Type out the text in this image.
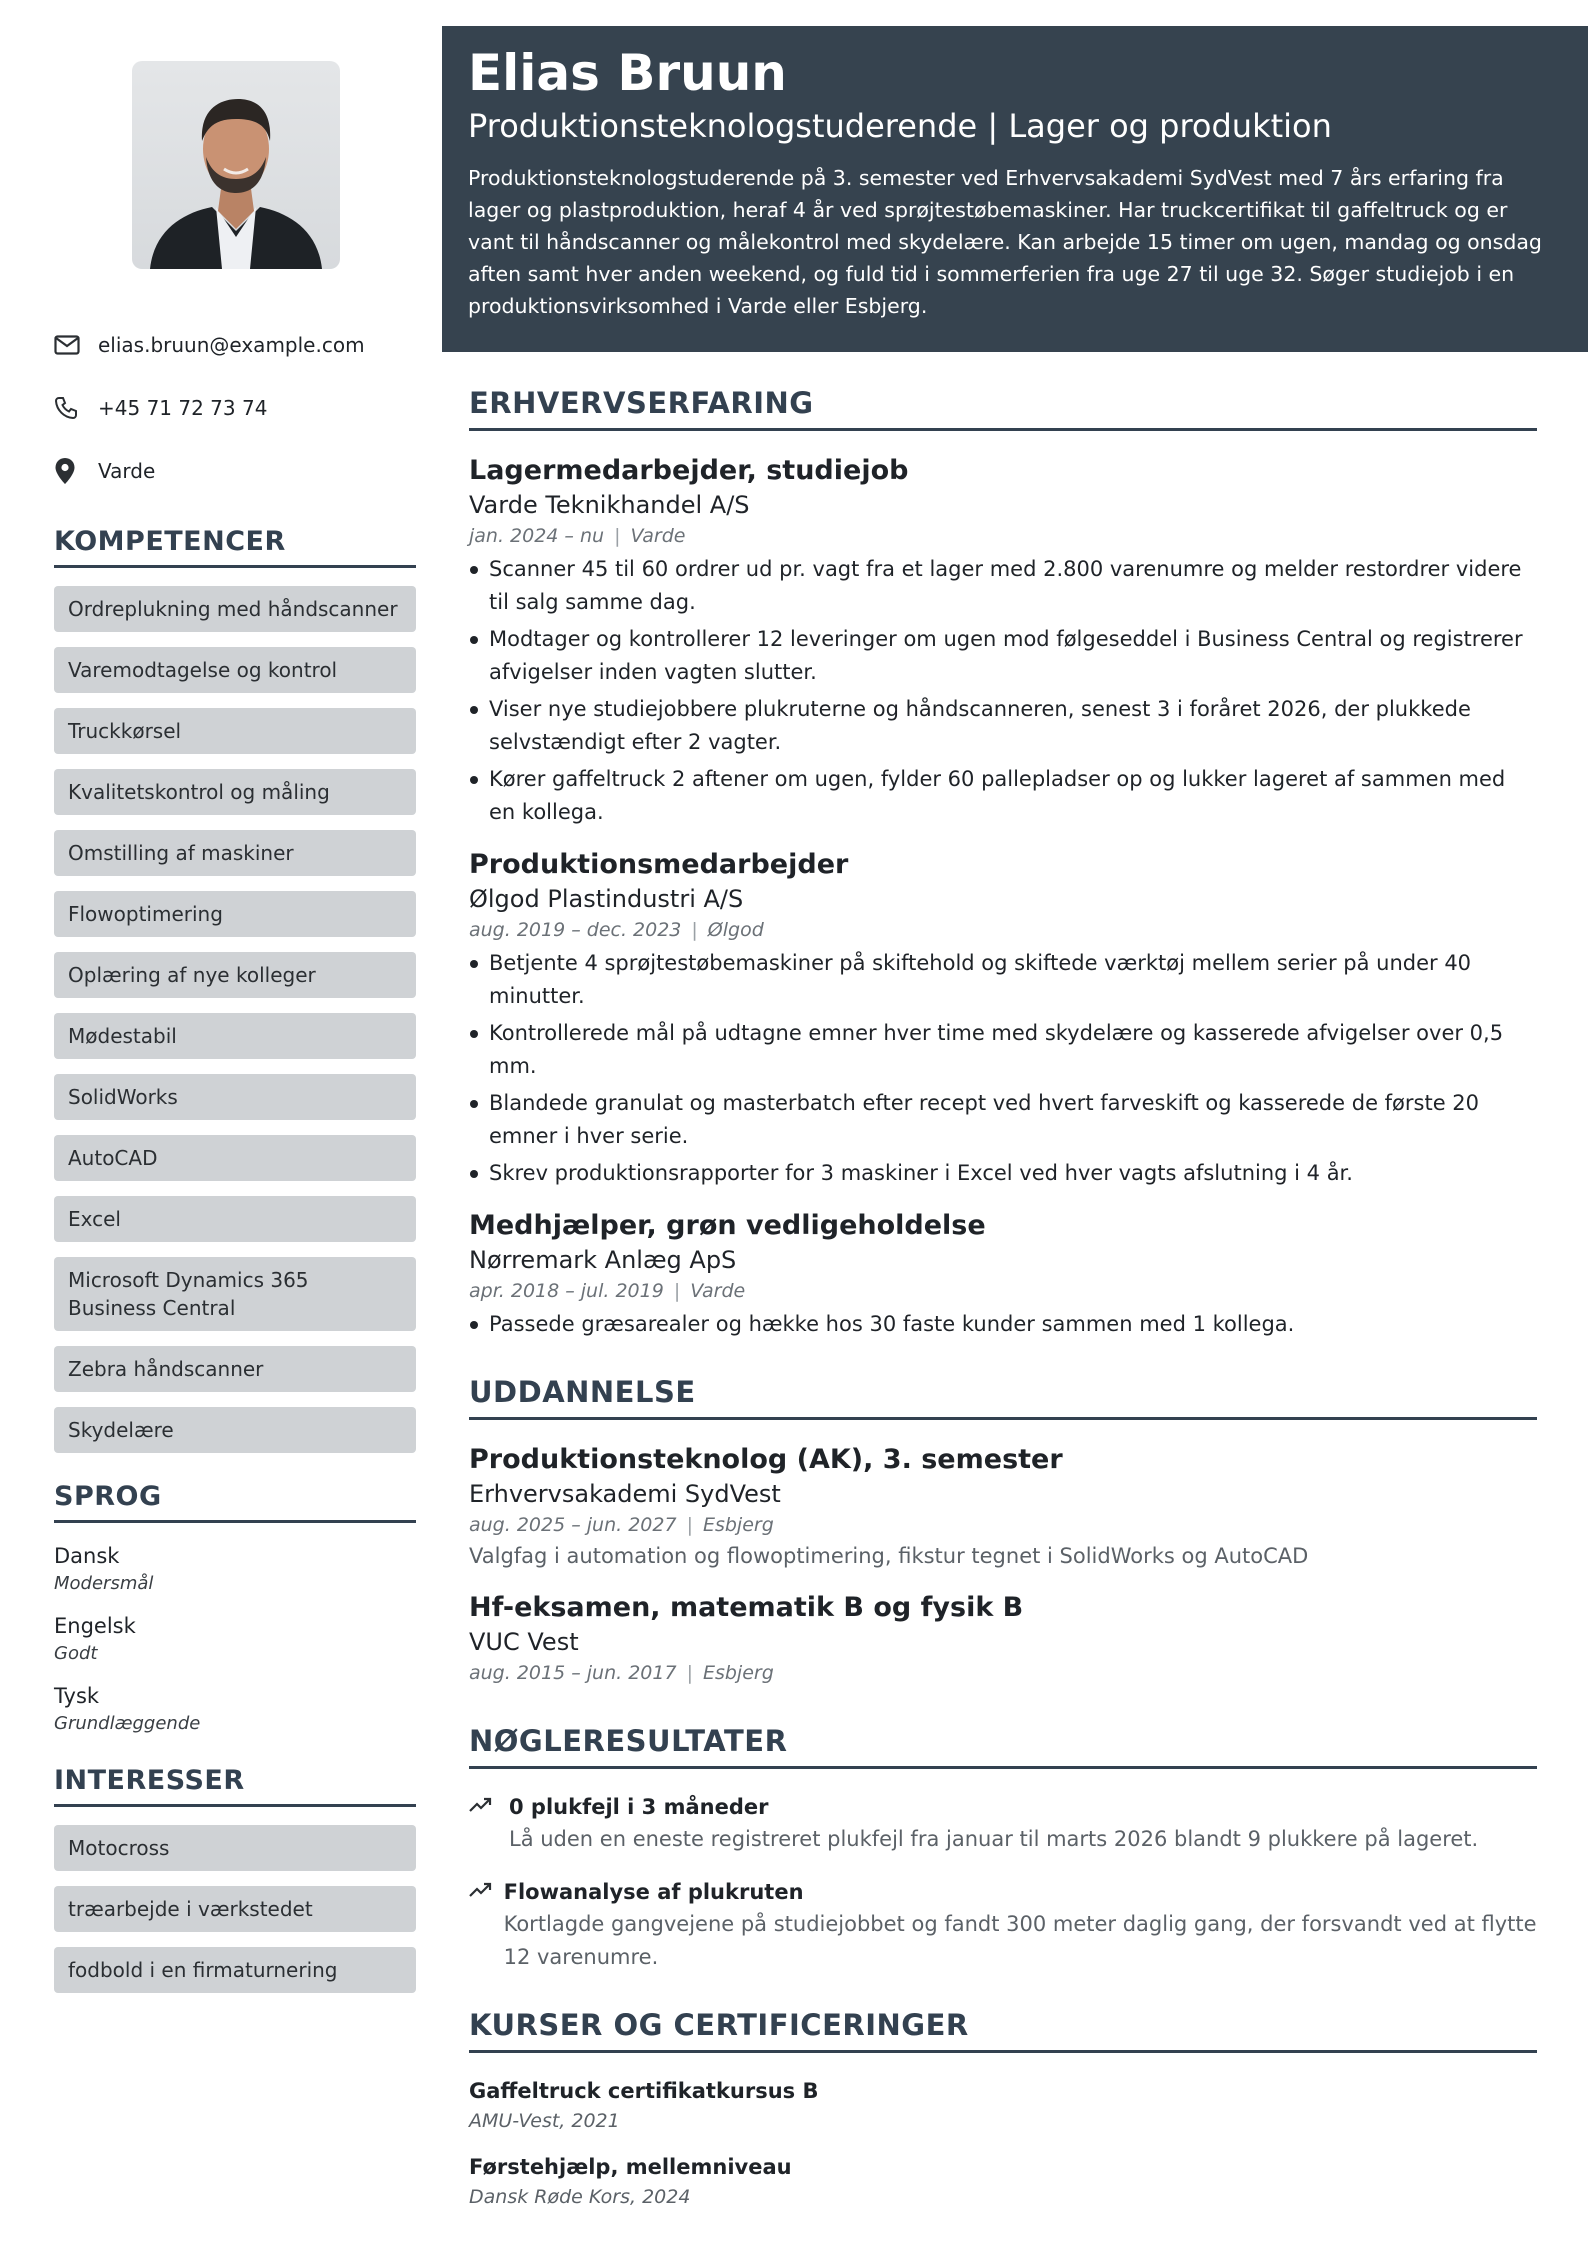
elias.bruun@example.com
+45 71 72 73 74
Varde
KOMPETENCER
Ordreplukning med håndscanner
Varemodtagelse og kontrol
Truckkørsel
Kvalitetskontrol og måling
Omstilling af maskiner
Flowoptimering
Oplæring af nye kolleger
Mødestabil
SolidWorks
AutoCAD
Excel
Microsoft Dynamics 365 Business Central
Zebra håndscanner
Skydelære
SPROG
Dansk
Modersmål
Engelsk
Godt
Tysk
Grundlæggende
INTERESSER
Motocross
træarbejde i værkstedet
fodbold i en firmaturnering
Elias Bruun
Produktionsteknologstuderende | Lager og produktion
Produktionsteknologstuderende på 3. semester ved Erhvervsakademi SydVest med 7 års erfaring fra lager og plastproduktion, heraf 4 år ved sprøjtestøbemaskiner. Har truckcertifikat til gaffeltruck og er vant til håndscanner og målekontrol med skydelære. Kan arbejde 15 timer om ugen, mandag og onsdag aften samt hver anden weekend, og fuld tid i sommerferien fra uge 27 til uge 32. Søger studiejob i en produktionsvirksomhed i Varde eller Esbjerg.
ERHVERVSERFARING
Lagermedarbejder, studiejob
Varde Teknikhandel A/S
jan. 2024 – nu | Varde
Scanner 45 til 60 ordrer ud pr. vagt fra et lager med 2.800 varenumre og melder restordrer videre til salg samme dag.
Modtager og kontrollerer 12 leveringer om ugen mod følgeseddel i Business Central og registrerer afvigelser inden vagten slutter.
Viser nye studiejobbere plukruterne og håndscanneren, senest 3 i foråret 2026, der plukkede selvstændigt efter 2 vagter.
Kører gaffeltruck 2 aftener om ugen, fylder 60 pallepladser op og lukker lageret af sammen med en kollega.
Produktionsmedarbejder
Ølgod Plastindustri A/S
aug. 2019 – dec. 2023 | Ølgod
Betjente 4 sprøjtestøbemaskiner på skiftehold og skiftede værktøj mellem serier på under 40 minutter.
Kontrollerede mål på udtagne emner hver time med skydelære og kasserede afvigelser over 0,5 mm.
Blandede granulat og masterbatch efter recept ved hvert farveskift og kasserede de første 20 emner i hver serie.
Skrev produktionsrapporter for 3 maskiner i Excel ved hver vagts afslutning i 4 år.
Medhjælper, grøn vedligeholdelse
Nørremark Anlæg ApS
apr. 2018 – jul. 2019 | Varde
Passede græsarealer og hække hos 30 faste kunder sammen med 1 kollega.
UDDANNELSE
Produktionsteknolog (AK), 3. semester
Erhvervsakademi SydVest
aug. 2025 – jun. 2027 | Esbjerg
Valgfag i automation og flowoptimering, fikstur tegnet i SolidWorks og AutoCAD
Hf-eksamen, matematik B og fysik B
VUC Vest
aug. 2015 – jun. 2017 | Esbjerg
NØGLERESULTATER
0 plukfejl i 3 måneder
Lå uden en eneste registreret plukfejl fra januar til marts 2026 blandt 9 plukkere på lageret.
Flowanalyse af plukruten
Kortlagde gangvejene på studiejobbet og fandt 300 meter daglig gang, der forsvandt ved at flytte 12 varenumre.
KURSER OG CERTIFICERINGER
Gaffeltruck certifikatkursus B
AMU-Vest, 2021
Førstehjælp, mellemniveau
Dansk Røde Kors, 2024
